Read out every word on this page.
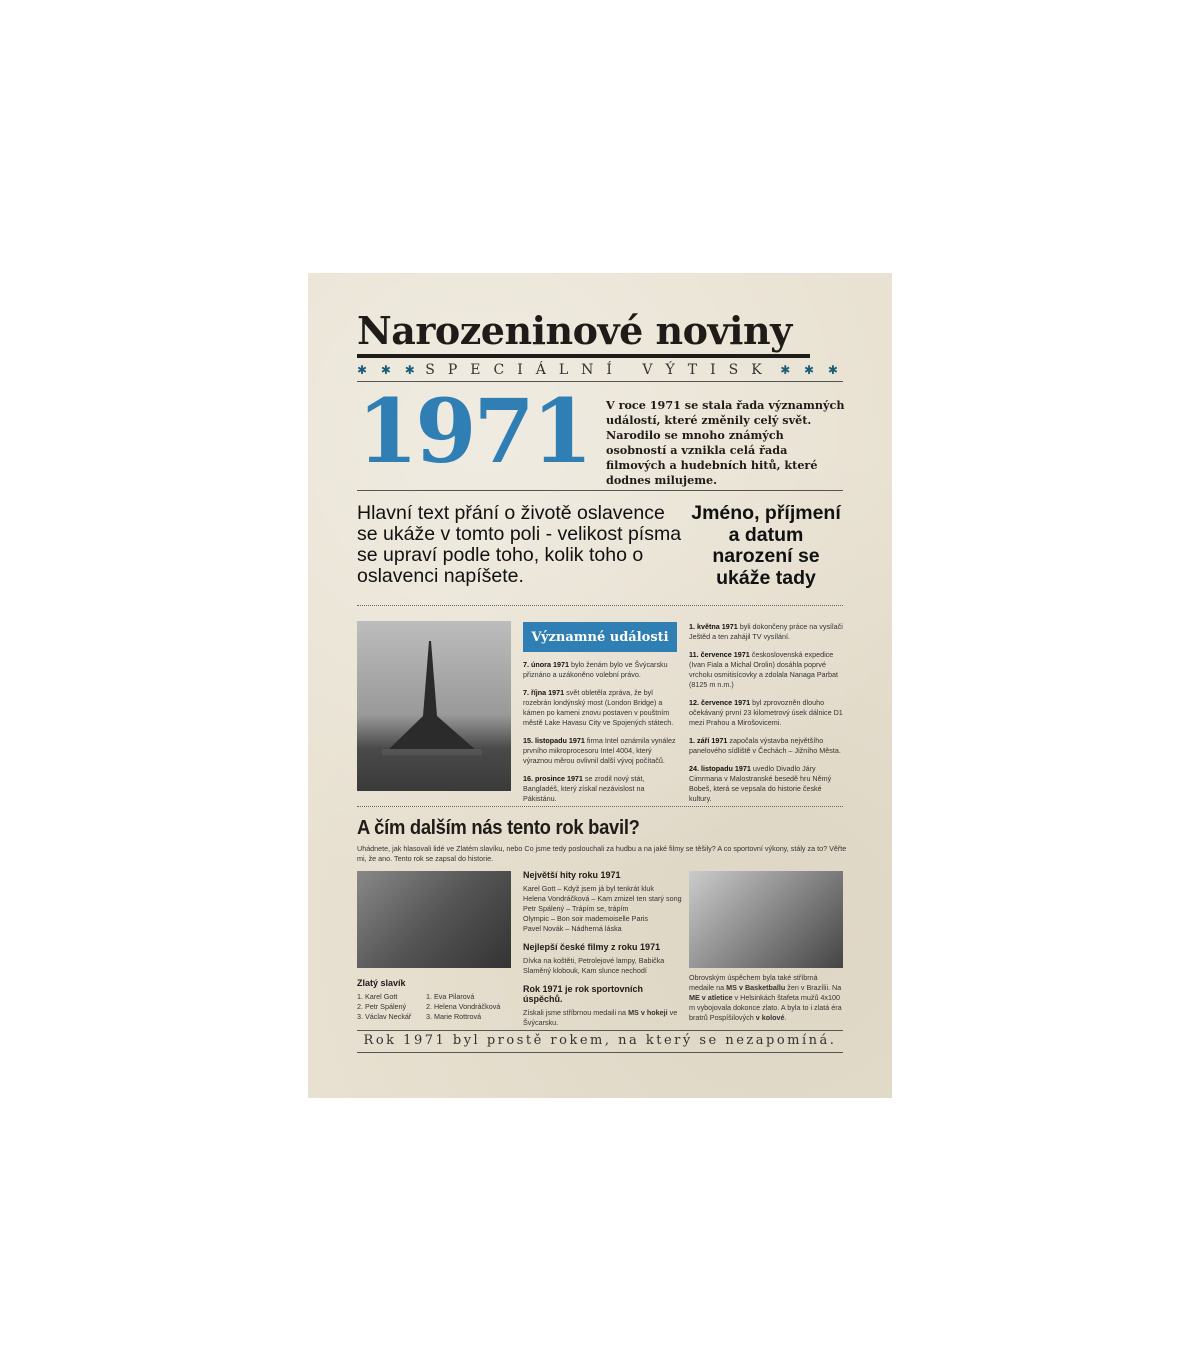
Narozeninové noviny
✱ ✱ ✱ SPECIÁLNÍ VÝTISK ✱ ✱ ✱
1971 V roce 1971 se stala řada významných událostí, které změnily celý svět. Narodilo se mnoho známých osobností a vznikla celá řada filmových a hudebních hitů, které dodnes milujeme.
Hlavní text přání o životě oslavence se ukáže v tomto poli - velikost písma se upraví podle toho, kolik toho o oslavenci napíšete.
Jméno, příjmení a datum narození se ukáže tady
Významné události

7. února 1971 bylo ženám bylo ve Švýcarsku přiznáno a uzákoněno volební právo.

7. října 1971 svět obletěla zpráva, že byl rozebrán londýnský most (London Bridge) a kámen po kameni znovu postaven v pouštním městě Lake Havasu City ve Spojených státech.

15. listopadu 1971 firma Intel oznámila vynález prvního mikroprocesoru Intel 4004, který výraznou měrou ovlivnil další vývoj počítačů.

16. prosince 1971 se zrodil nový stát, Bangladéš, který získal nezávislost na Pákistánu.

1. května 1971 byli dokončeny práce na vysílači Ještěd a ten zahájil TV vysílání.

11. července 1971 československá expedice (Ivan Fiala a Michal Orolin) dosáhla poprvé vrcholu osmitisícovky a zdolala Nanaga Parbat (8125 m n.m.)

12. července 1971 byl zprovozněn dlouho očekávaný první 23 kilometrový úsek dálnice D1 mezi Prahou a Mirošovicemi.

1. září 1971 započala výstavba největšího panelového sídliště v Čechách – Jižního Města.

24. listopadu 1971 uvedlo Divadlo Járy Cimrmana v Malostranské besedě hru Němý Bobeš, která se vepsala do historie české kultury.

A čím dalším nás tento rok bavil?
Uhádnete, jak hlasovali lidé ve Zlatém slavíku, nebo Co jsme tedy poslouchali za hudbu a na jaké filmy se těšily? A co sportovní výkony, stály za to? Věřte mi, že ano. Tento rok se zapsal do historie.
Zlatý slavík
1. Karel Gott
2. Petr Spálený
3. Václav Neckář
1. Eva Pilarová
2. Helena Vondráčková
3. Marie Rottrová
Největší hity roku 1971
Karel Gott – Když jsem já byl tenkrát kluk
Helena Vondráčková – Kam zmizel ten starý song
Petr Spálený – Trápím se, trápím
Olympic – Bon soir mademoiselle Paris
Pavel Novák – Nádherná láska
Nejlepší české filmy z roku 1971
Dívka na koštěti, Petrolejové lampy, Babička Slaměný klobouk, Kam slunce nechodí
Rok 1971 je rok sportovních úspěchů.
Získali jsme stříbrnou medaili na MS v hokeji ve Švýcarsku.
Obrovským úspěchem byla také stříbrná medaile na MS v Basketballu žen v Brazílii. Na ME v atletice v Helsinkách štafeta mužů 4x100 m vybojovala dokonce zlato. A byla to i zlatá éra bratrů Pospíšilových v kolové.
Rok 1971 byl prostě rokem, na který se nezapomíná.
